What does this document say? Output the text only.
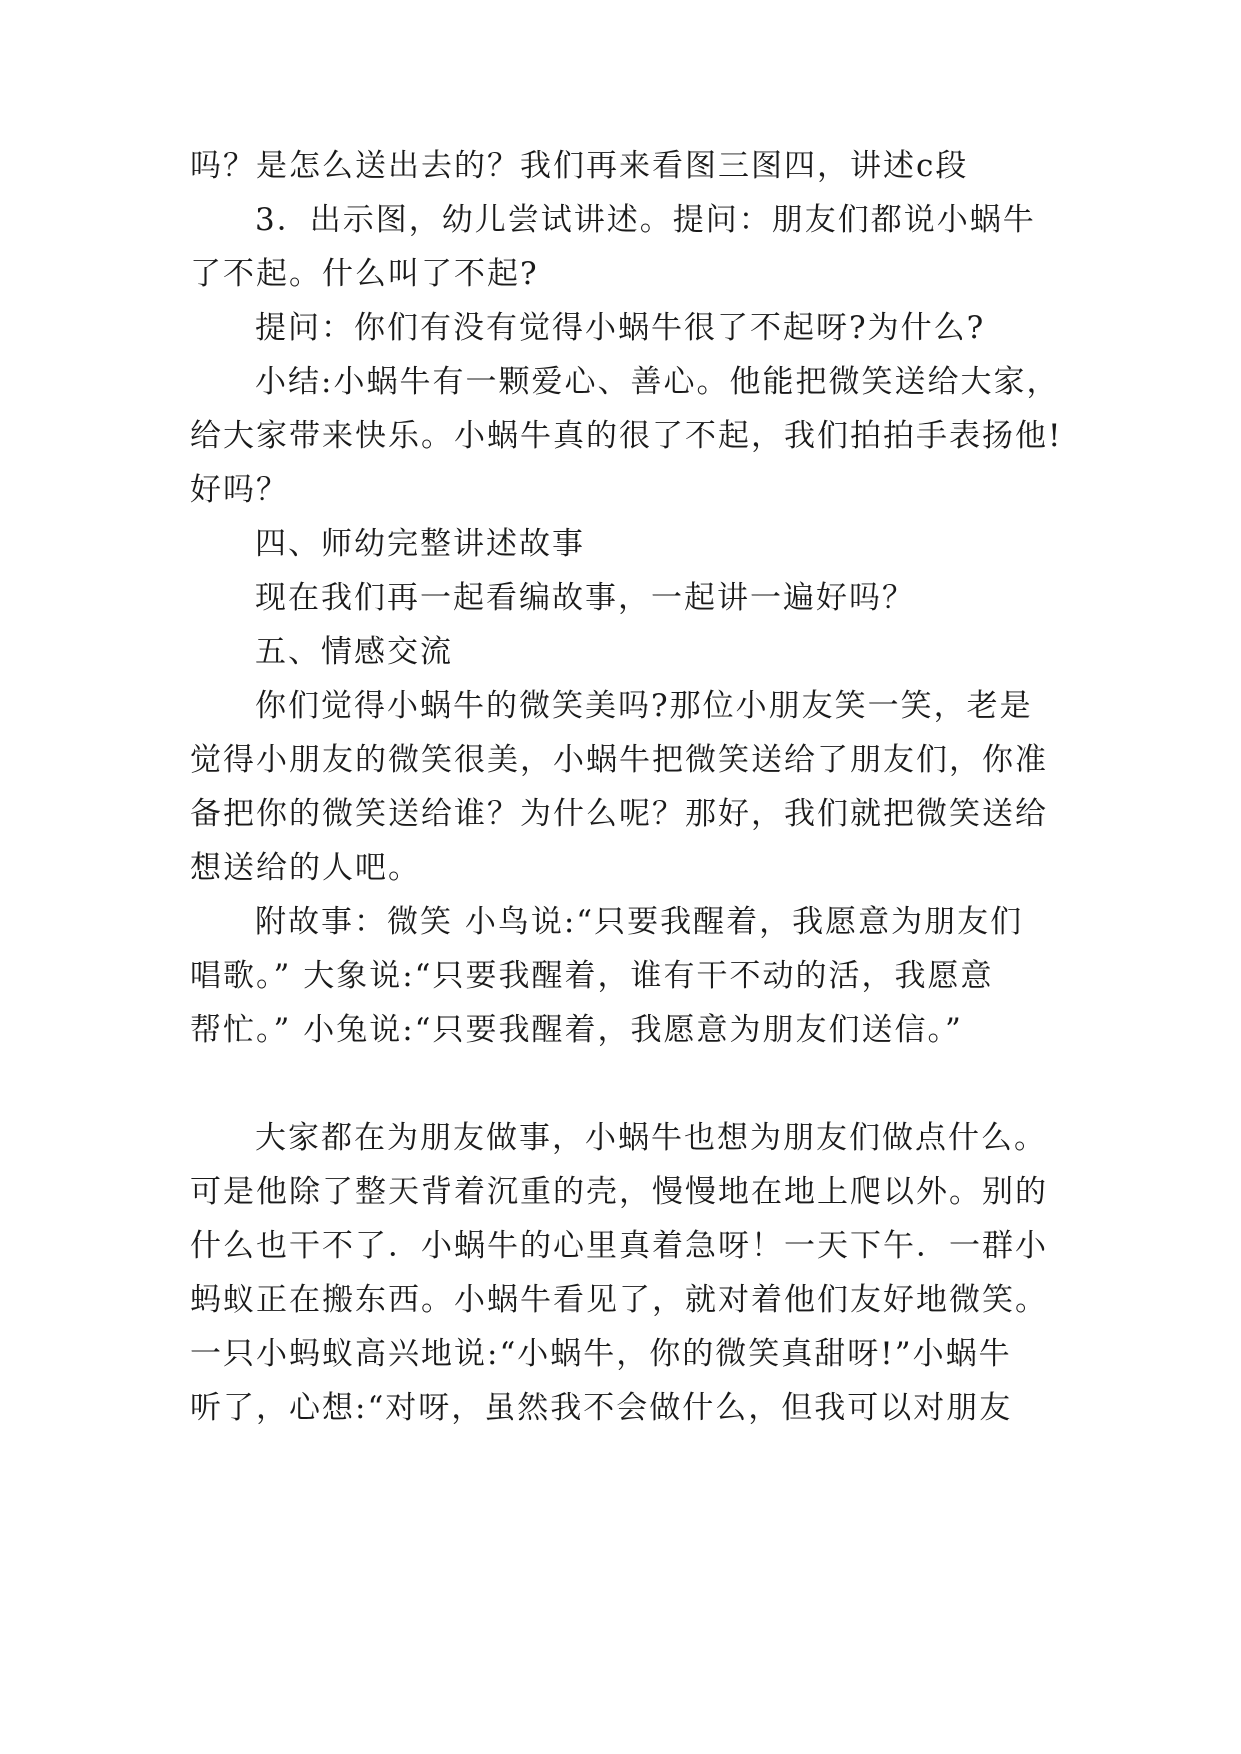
吗？是怎么送出去的？我们再来看图三图四，讲述c段
3．出示图，幼儿尝试讲述。提问：朋友们都说小蜗牛
了不起。什么叫了不起?
提问：你们有没有觉得小蜗牛很了不起呀?为什么?
小结:小蜗牛有一颗爱心、善心。他能把微笑送给大家，
给大家带来快乐。小蜗牛真的很了不起，我们拍拍手表扬他!
好吗？
四、师幼完整讲述故事
现在我们再一起看编故事，一起讲一遍好吗？
五、情感交流
你们觉得小蜗牛的微笑美吗?那位小朋友笑一笑，老是
觉得小朋友的微笑很美，小蜗牛把微笑送给了朋友们，你准
备把你的微笑送给谁？为什么呢？那好，我们就把微笑送给
想送给的人吧。
附故事：微笑 小鸟说:“只要我醒着，我愿意为朋友们
唱歌。” 大象说:“只要我醒着，谁有干不动的活，我愿意
帮忙。” 小兔说:“只要我醒着，我愿意为朋友们送信。”
大家都在为朋友做事，小蜗牛也想为朋友们做点什么。
可是他除了整天背着沉重的壳，慢慢地在地上爬以外。别的
什么也干不了．小蜗牛的心里真着急呀！一天下午．一群小
蚂蚁正在搬东西。小蜗牛看见了，就对着他们友好地微笑。
一只小蚂蚁高兴地说:“小蜗牛，你的微笑真甜呀!”小蜗牛
听了，心想:“对呀，虽然我不会做什么，但我可以对朋友
